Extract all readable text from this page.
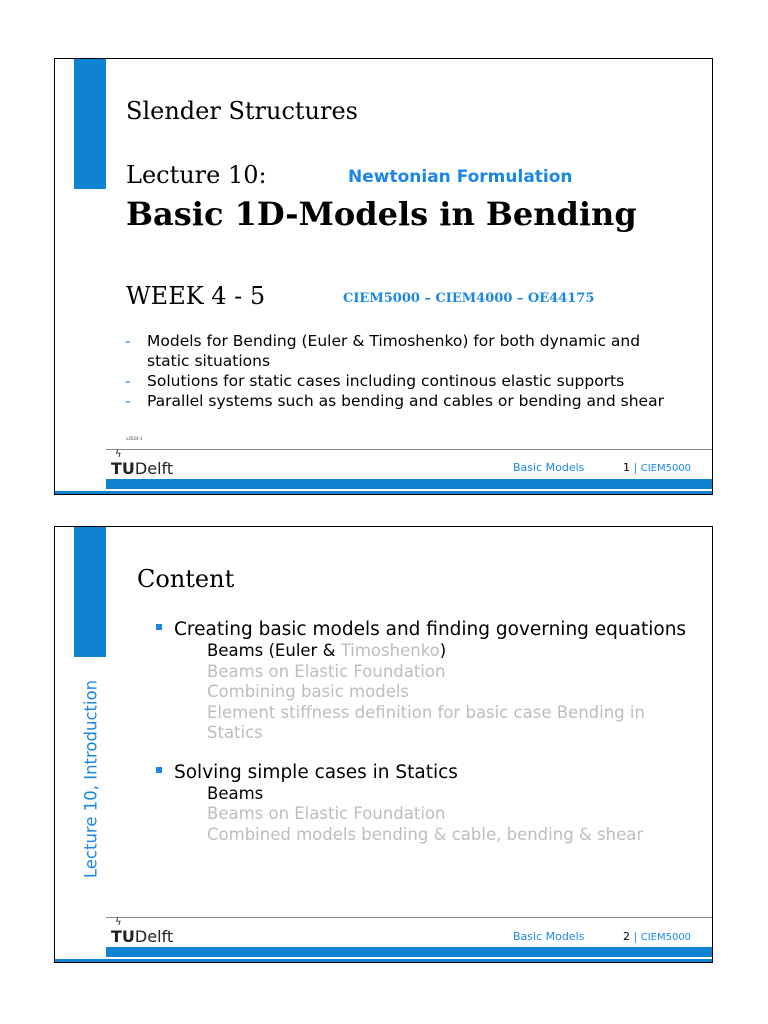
Slender Structures
Lecture 10:	Newtonian Formulation
Basic 1D-Models in Bending
WEEK 4 - 5	CIEM5000 – CIEM4000 – OE44175
- Models for Bending (Euler & Timoshenko) for both dynamic and static situations
- Solutions for static cases including continous elastic supports
- Parallel systems such as bending and cables or bending and shear
v2024-1
ϟ
TUDelft	Basic Models	1 | CIEM5000
Lecture 10, Introduction
Content
Creating basic models and finding governing equations
Beams (Euler & Timoshenko)
Beams on Elastic Foundation
Combining basic models
Element stiffness definition for basic case Bending in
Statics
Solving simple cases in Statics
Beams
Beams on Elastic Foundation
Combined models bending & cable, bending & shear
ϟ
TUDelft	Basic Models	2 | CIEM5000
